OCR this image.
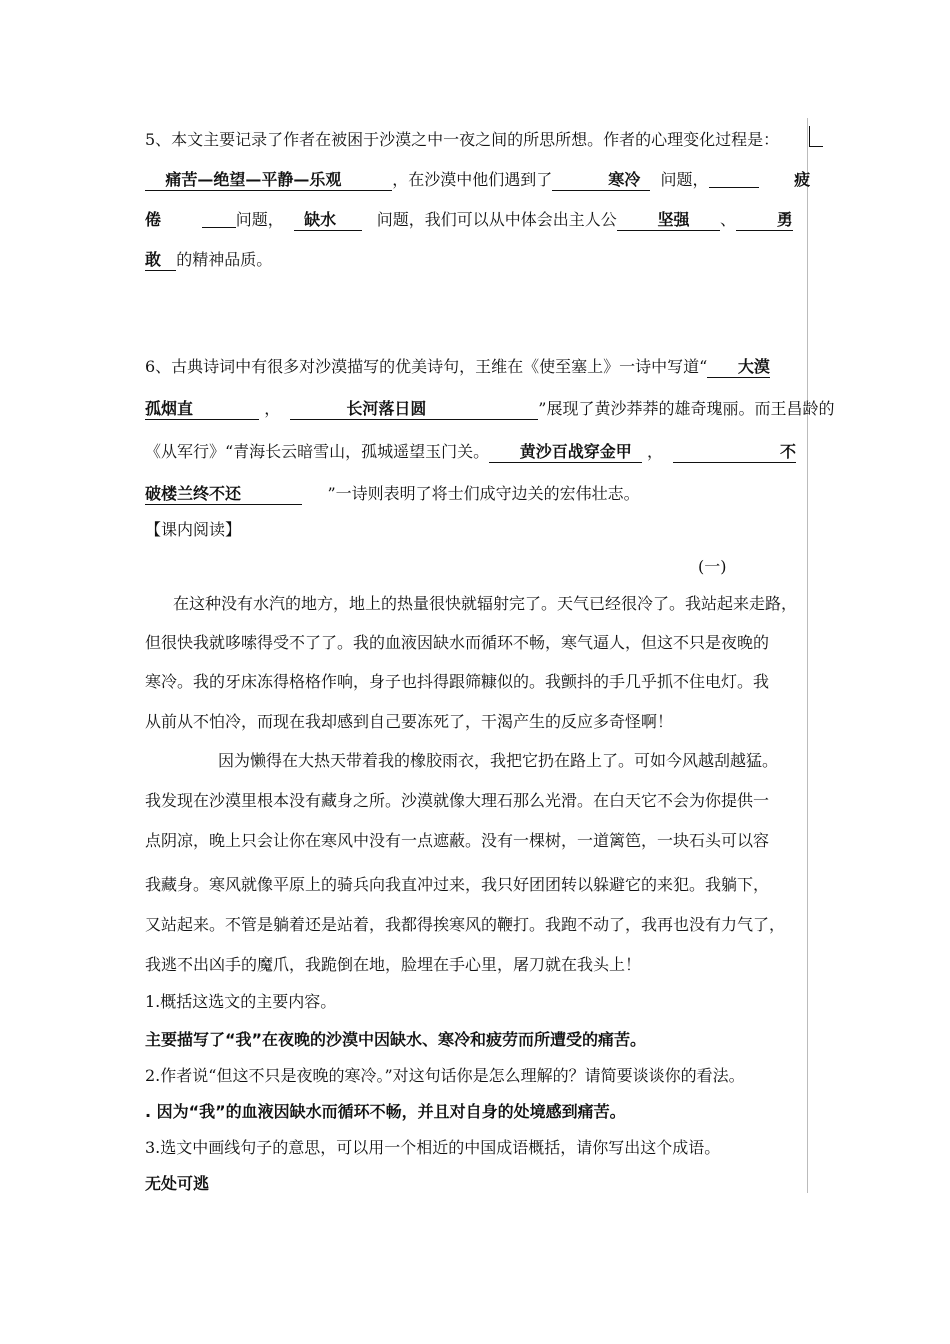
5、本文主要记录了作者在被困于沙漠之中一夜之间的所思所想。作者的心理变化过程是：
痛苦—绝望—平静—乐观	，在沙漠中他们遇到了	寒冷 问题，	疲
倦	问题， 缺水	问题，我们可以从中体会出主人公	坚强 、	勇
敢 的精神品质。
6、古典诗词中有很多对沙漠描写的优美诗句，王维在《使至塞上》一诗中写道“ 大漠
孤烟直	，	长河落日圆	”展现了黄沙莽莽的雄奇瑰丽。而王昌龄的
《从军行》“青海长云暗雪山，孤城遥望玉门关。 黄沙百战穿金甲 ，	不
破楼兰终不还	”一诗则表明了将士们成守边关的宏伟壮志。
【课内阅读】
(一)
在这种没有水汽的地方，地上的热量很快就辐射完了。天气已经很冷了。我站起来走路，
但很快我就哆嗦得受不了了。我的血液因缺水而循环不畅，寒气逼人，但这不只是夜晚的
寒冷。我的牙床冻得格格作响，身子也抖得跟筛糠似的。我颤抖的手几乎抓不住电灯。我
从前从不怕冷，而现在我却感到自己要冻死了，干渴产生的反应多奇怪啊！
因为懒得在大热天带着我的橡胶雨衣，我把它扔在路上了。可如今风越刮越猛。
我发现在沙漠里根本没有藏身之所。沙漠就像大理石那么光滑。在白天它不会为你提供一
点阴凉，晚上只会让你在寒风中没有一点遮蔽。没有一棵树，一道篱笆，一块石头可以容
我藏身。寒风就像平原上的骑兵向我直冲过来，我只好团团转以躲避它的来犯。我躺下，
又站起来。不管是躺着还是站着，我都得挨寒风的鞭打。我跑不动了，我再也没有力气了，
我逃不出凶手的魔爪，我跪倒在地，脸埋在手心里，屠刀就在我头上！
1.概括这选文的主要内容。
主要描写了“我”在夜晚的沙漠中因缺水、寒冷和疲劳而所遭受的痛苦。
2.作者说“但这不只是夜晚的寒冷。”对这句话你是怎么理解的？请简要谈谈你的看法。
. 因为“我”的血液因缺水而循环不畅，并且对自身的处境感到痛苦。
3.选文中画线句子的意思，可以用一个相近的中国成语概括，请你写出这个成语。
无处可逃
